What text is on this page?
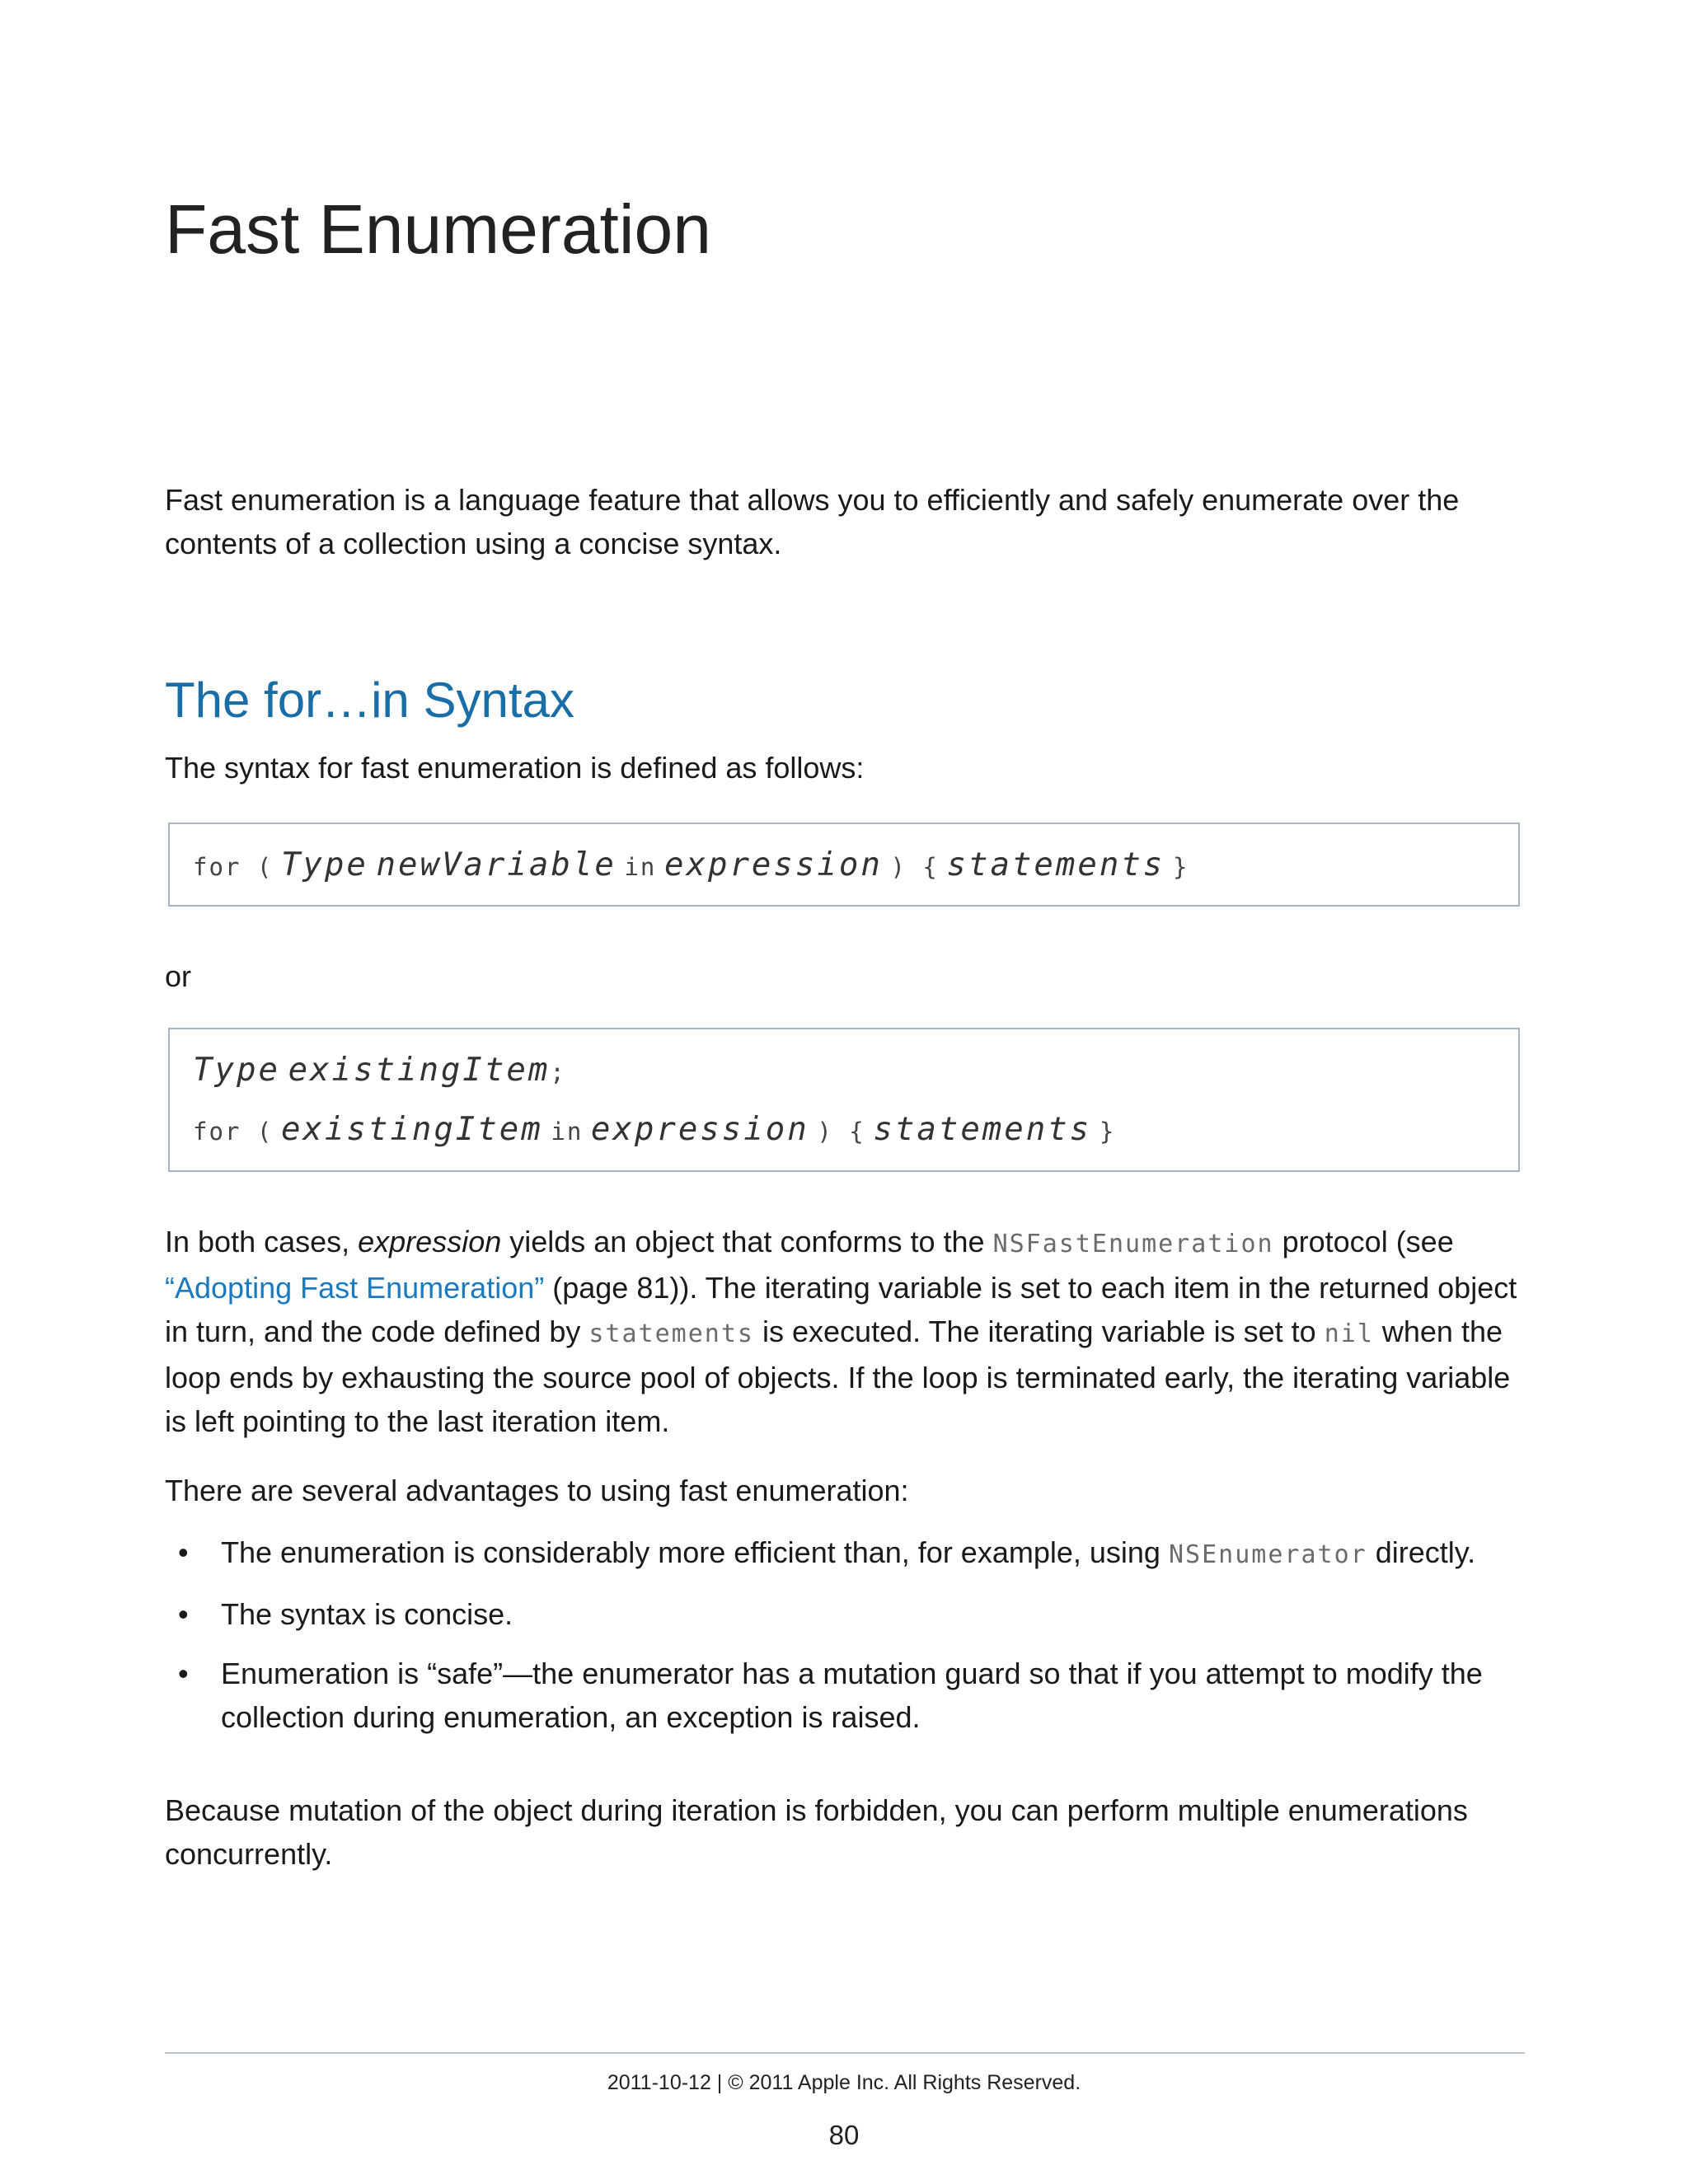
Fast Enumeration

Fast enumeration is a language feature that allows you to efficiently and safely enumerate over the contents of a collection using a concise syntax.

The for…in Syntax

The syntax for fast enumeration is defined as follows:

for ( Type newVariable in expression ) { statements }

or

Type existingItem;
for ( existingItem in expression ) { statements }

In both cases, expression yields an object that conforms to the NSFastEnumeration protocol (see “Adopting Fast Enumeration” (page 81)). The iterating variable is set to each item in the returned object in turn, and the code defined by statements is executed. The iterating variable is set to nil when the loop ends by exhausting the source pool of objects. If the loop is terminated early, the iterating variable is left pointing to the last iteration item.

There are several advantages to using fast enumeration:

• The enumeration is considerably more efficient than, for example, using NSEnumerator directly.
• The syntax is concise.
• Enumeration is “safe”—the enumerator has a mutation guard so that if you attempt to modify the collection during enumeration, an exception is raised.

Because mutation of the object during iteration is forbidden, you can perform multiple enumerations concurrently.

2011-10-12 | © 2011 Apple Inc. All Rights Reserved.
80
